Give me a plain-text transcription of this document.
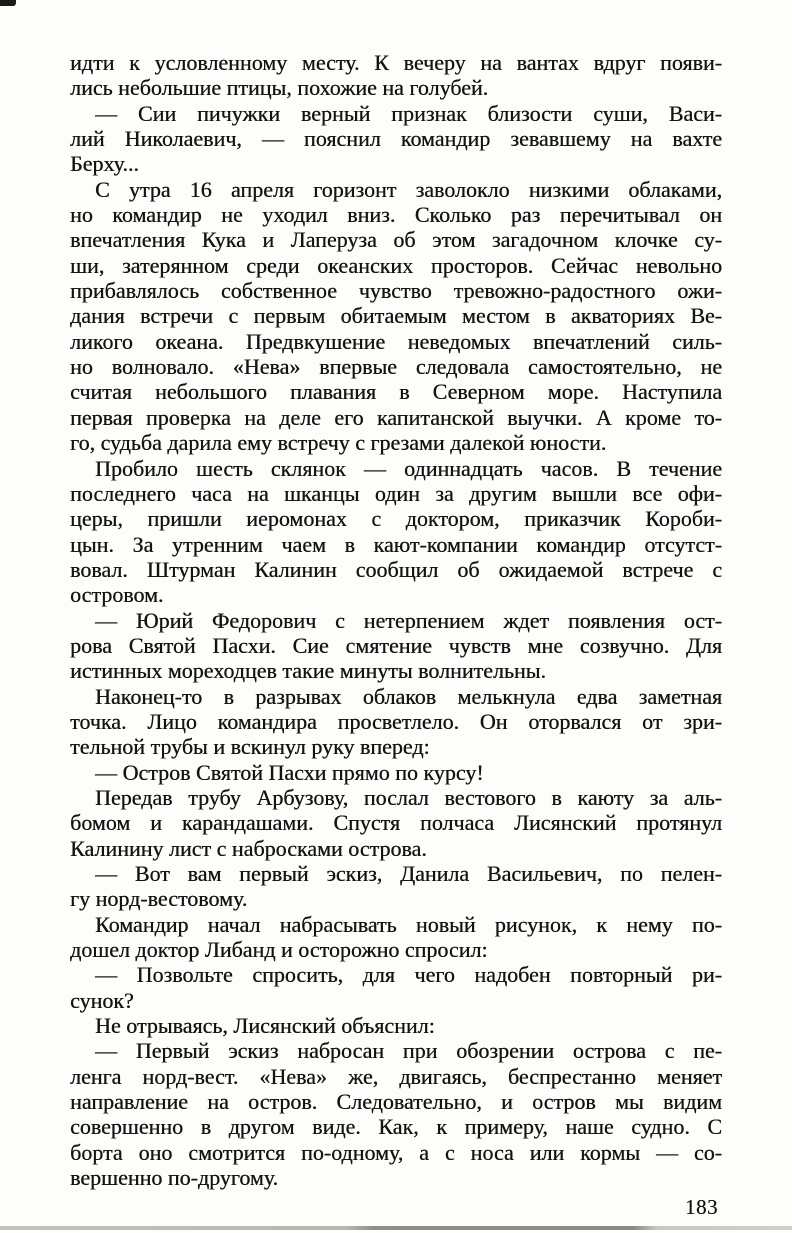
идти к условленному месту. К вечеру на вантах вдруг появи-
лись небольшие птицы, похожие на голубей.
— Сии пичужки верный признак близости суши, Васи-
лий Николаевич, — пояснил командир зевавшему на вахте
Берху...
С утра 16 апреля горизонт заволокло низкими облаками,
но командир не уходил вниз. Сколько раз перечитывал он
впечатления Кука и Лаперуза об этом загадочном клочке су-
ши, затерянном среди океанских просторов. Сейчас невольно
прибавлялось собственное чувство тревожно-радостного ожи-
дания встречи с первым обитаемым местом в акваториях Ве-
ликого океана. Предвкушение неведомых впечатлений силь-
но волновало. «Нева» впервые следовала самостоятельно, не
считая небольшого плавания в Северном море. Наступила
первая проверка на деле его капитанской выучки. А кроме то-
го, судьба дарила ему встречу с грезами далекой юности.
Пробило шесть склянок — одиннадцать часов. В течение
последнего часа на шканцы один за другим вышли все офи-
церы, пришли иеромонах с доктором, приказчик Короби-
цын. За утренним чаем в кают-компании командир отсутст-
вовал. Штурман Калинин сообщил об ожидаемой встрече с
островом.
— Юрий Федорович с нетерпением ждет появления ост-
рова Святой Пасхи. Сие смятение чувств мне созвучно. Для
истинных мореходцев такие минуты волнительны.
Наконец-то в разрывах облаков мелькнула едва заметная
точка. Лицо командира просветлело. Он оторвался от зри-
тельной трубы и вскинул руку вперед:
— Остров Святой Пасхи прямо по курсу!
Передав трубу Арбузову, послал вестового в каюту за аль-
бомом и карандашами. Спустя полчаса Лисянский протянул
Калинину лист с набросками острова.
— Вот вам первый эскиз, Данила Васильевич, по пелен-
гу норд-вестовому.
Командир начал набрасывать новый рисунок, к нему по-
дошел доктор Либанд и осторожно спросил:
— Позвольте спросить, для чего надобен повторный ри-
сунок?
Не отрываясь, Лисянский объяснил:
— Первый эскиз набросан при обозрении острова с пе-
ленга норд-вест. «Нева» же, двигаясь, беспрестанно меняет
направление на остров. Следовательно, и остров мы видим
совершенно в другом виде. Как, к примеру, наше судно. С
борта оно смотрится по-одному, а с носа или кормы — со-
вершенно по-другому.
183
